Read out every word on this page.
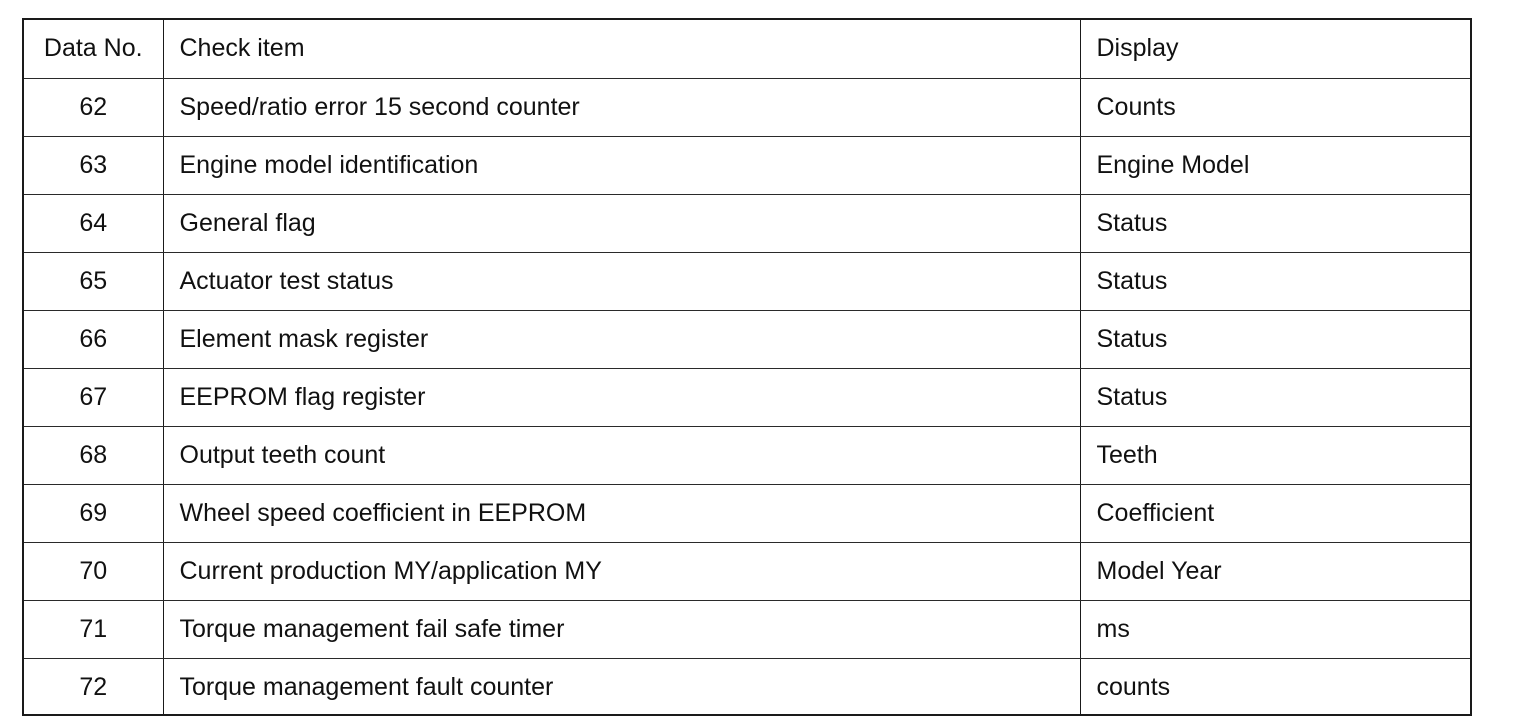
Data No.	Check item	Display
62	Speed/ratio error 15 second counter	Counts
63	Engine model identification	Engine Model
64	General flag	Status
65	Actuator test status	Status
66	Element mask register	Status
67	EEPROM flag register	Status
68	Output teeth count	Teeth
69	Wheel speed coefficient in EEPROM	Coefficient
70	Current production MY/application MY	Model Year
71	Torque management fail safe timer	ms
72	Torque management fault counter	counts
